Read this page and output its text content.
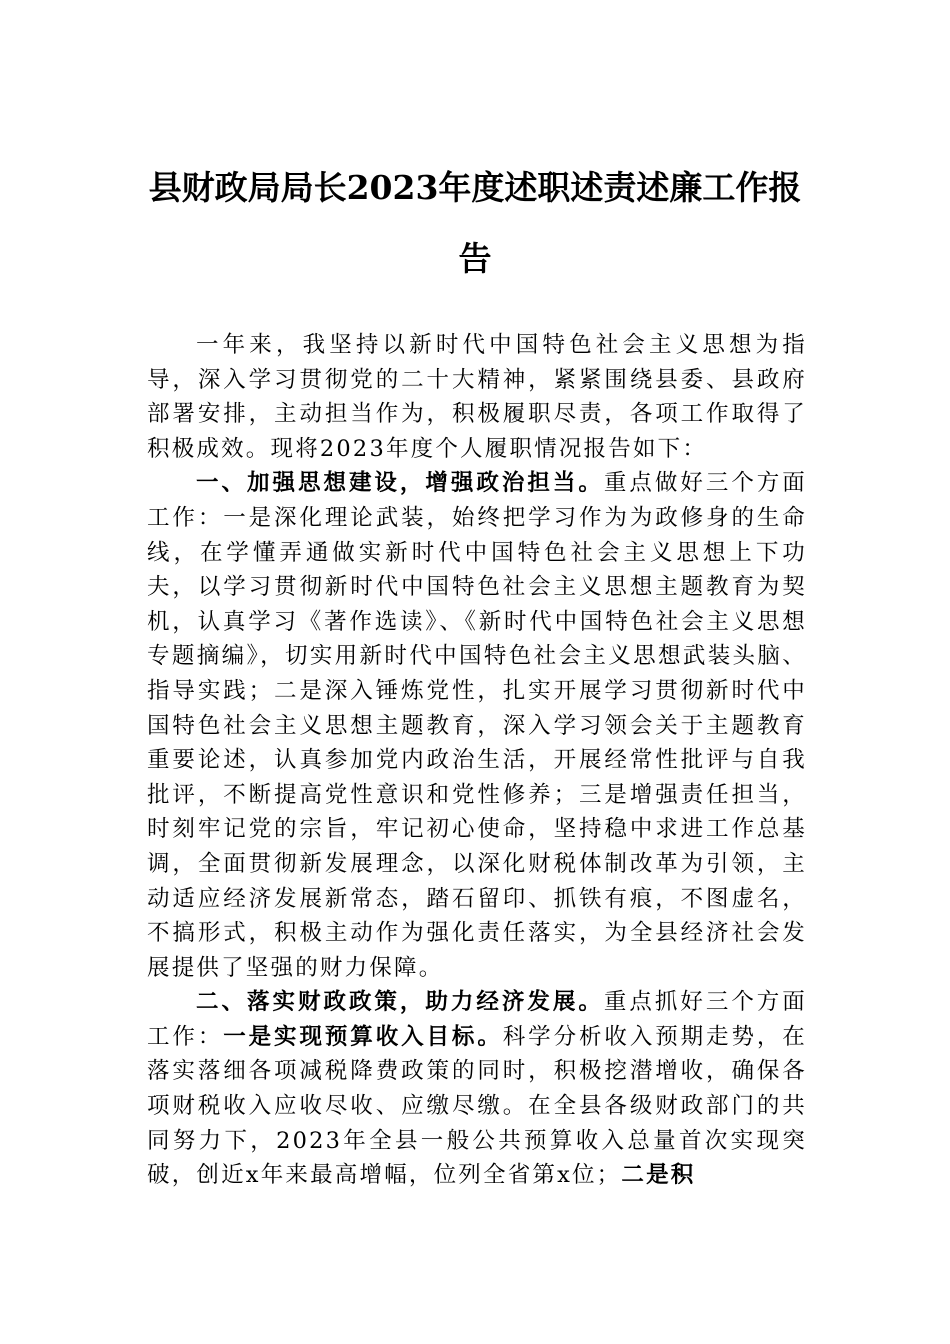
县财政局局长2023年度述职述责述廉工作报告

一年来，我坚持以新时代中国特色社会主义思想为指导，深入学习贯彻党的二十大精神，紧紧围绕县委、县政府部署安排，主动担当作为，积极履职尽责，各项工作取得了积极成效。现将2023年度个人履职情况报告如下：

一、加强思想建设，增强政治担当。重点做好三个方面工作：一是深化理论武装，始终把学习作为为政修身的生命线，在学懂弄通做实新时代中国特色社会主义思想上下功夫，以学习贯彻新时代中国特色社会主义思想主题教育为契机，认真学习《著作选读》、《新时代中国特色社会主义思想专题摘编》，切实用新时代中国特色社会主义思想武装头脑、指导实践；二是深入锤炼党性，扎实开展学习贯彻新时代中国特色社会主义思想主题教育，深入学习领会关于主题教育重要论述，认真参加党内政治生活，开展经常性批评与自我批评，不断提高党性意识和党性修养；三是增强责任担当，时刻牢记党的宗旨，牢记初心使命，坚持稳中求进工作总基调，全面贯彻新发展理念，以深化财税体制改革为引领，主动适应经济发展新常态，踏石留印、抓铁有痕，不图虚名，不搞形式，积极主动作为强化责任落实，为全县经济社会发展提供了坚强的财力保障。

二、落实财政政策，助力经济发展。重点抓好三个方面工作：一是实现预算收入目标。科学分析收入预期走势，在落实落细各项减税降费政策的同时，积极挖潜增收，确保各项财税收入应收尽收、应缴尽缴。在全县各级财政部门的共同努力下，2023年全县一般公共预算收入总量首次实现突破，创近x年来最高增幅，位列全省第x位；二是积
